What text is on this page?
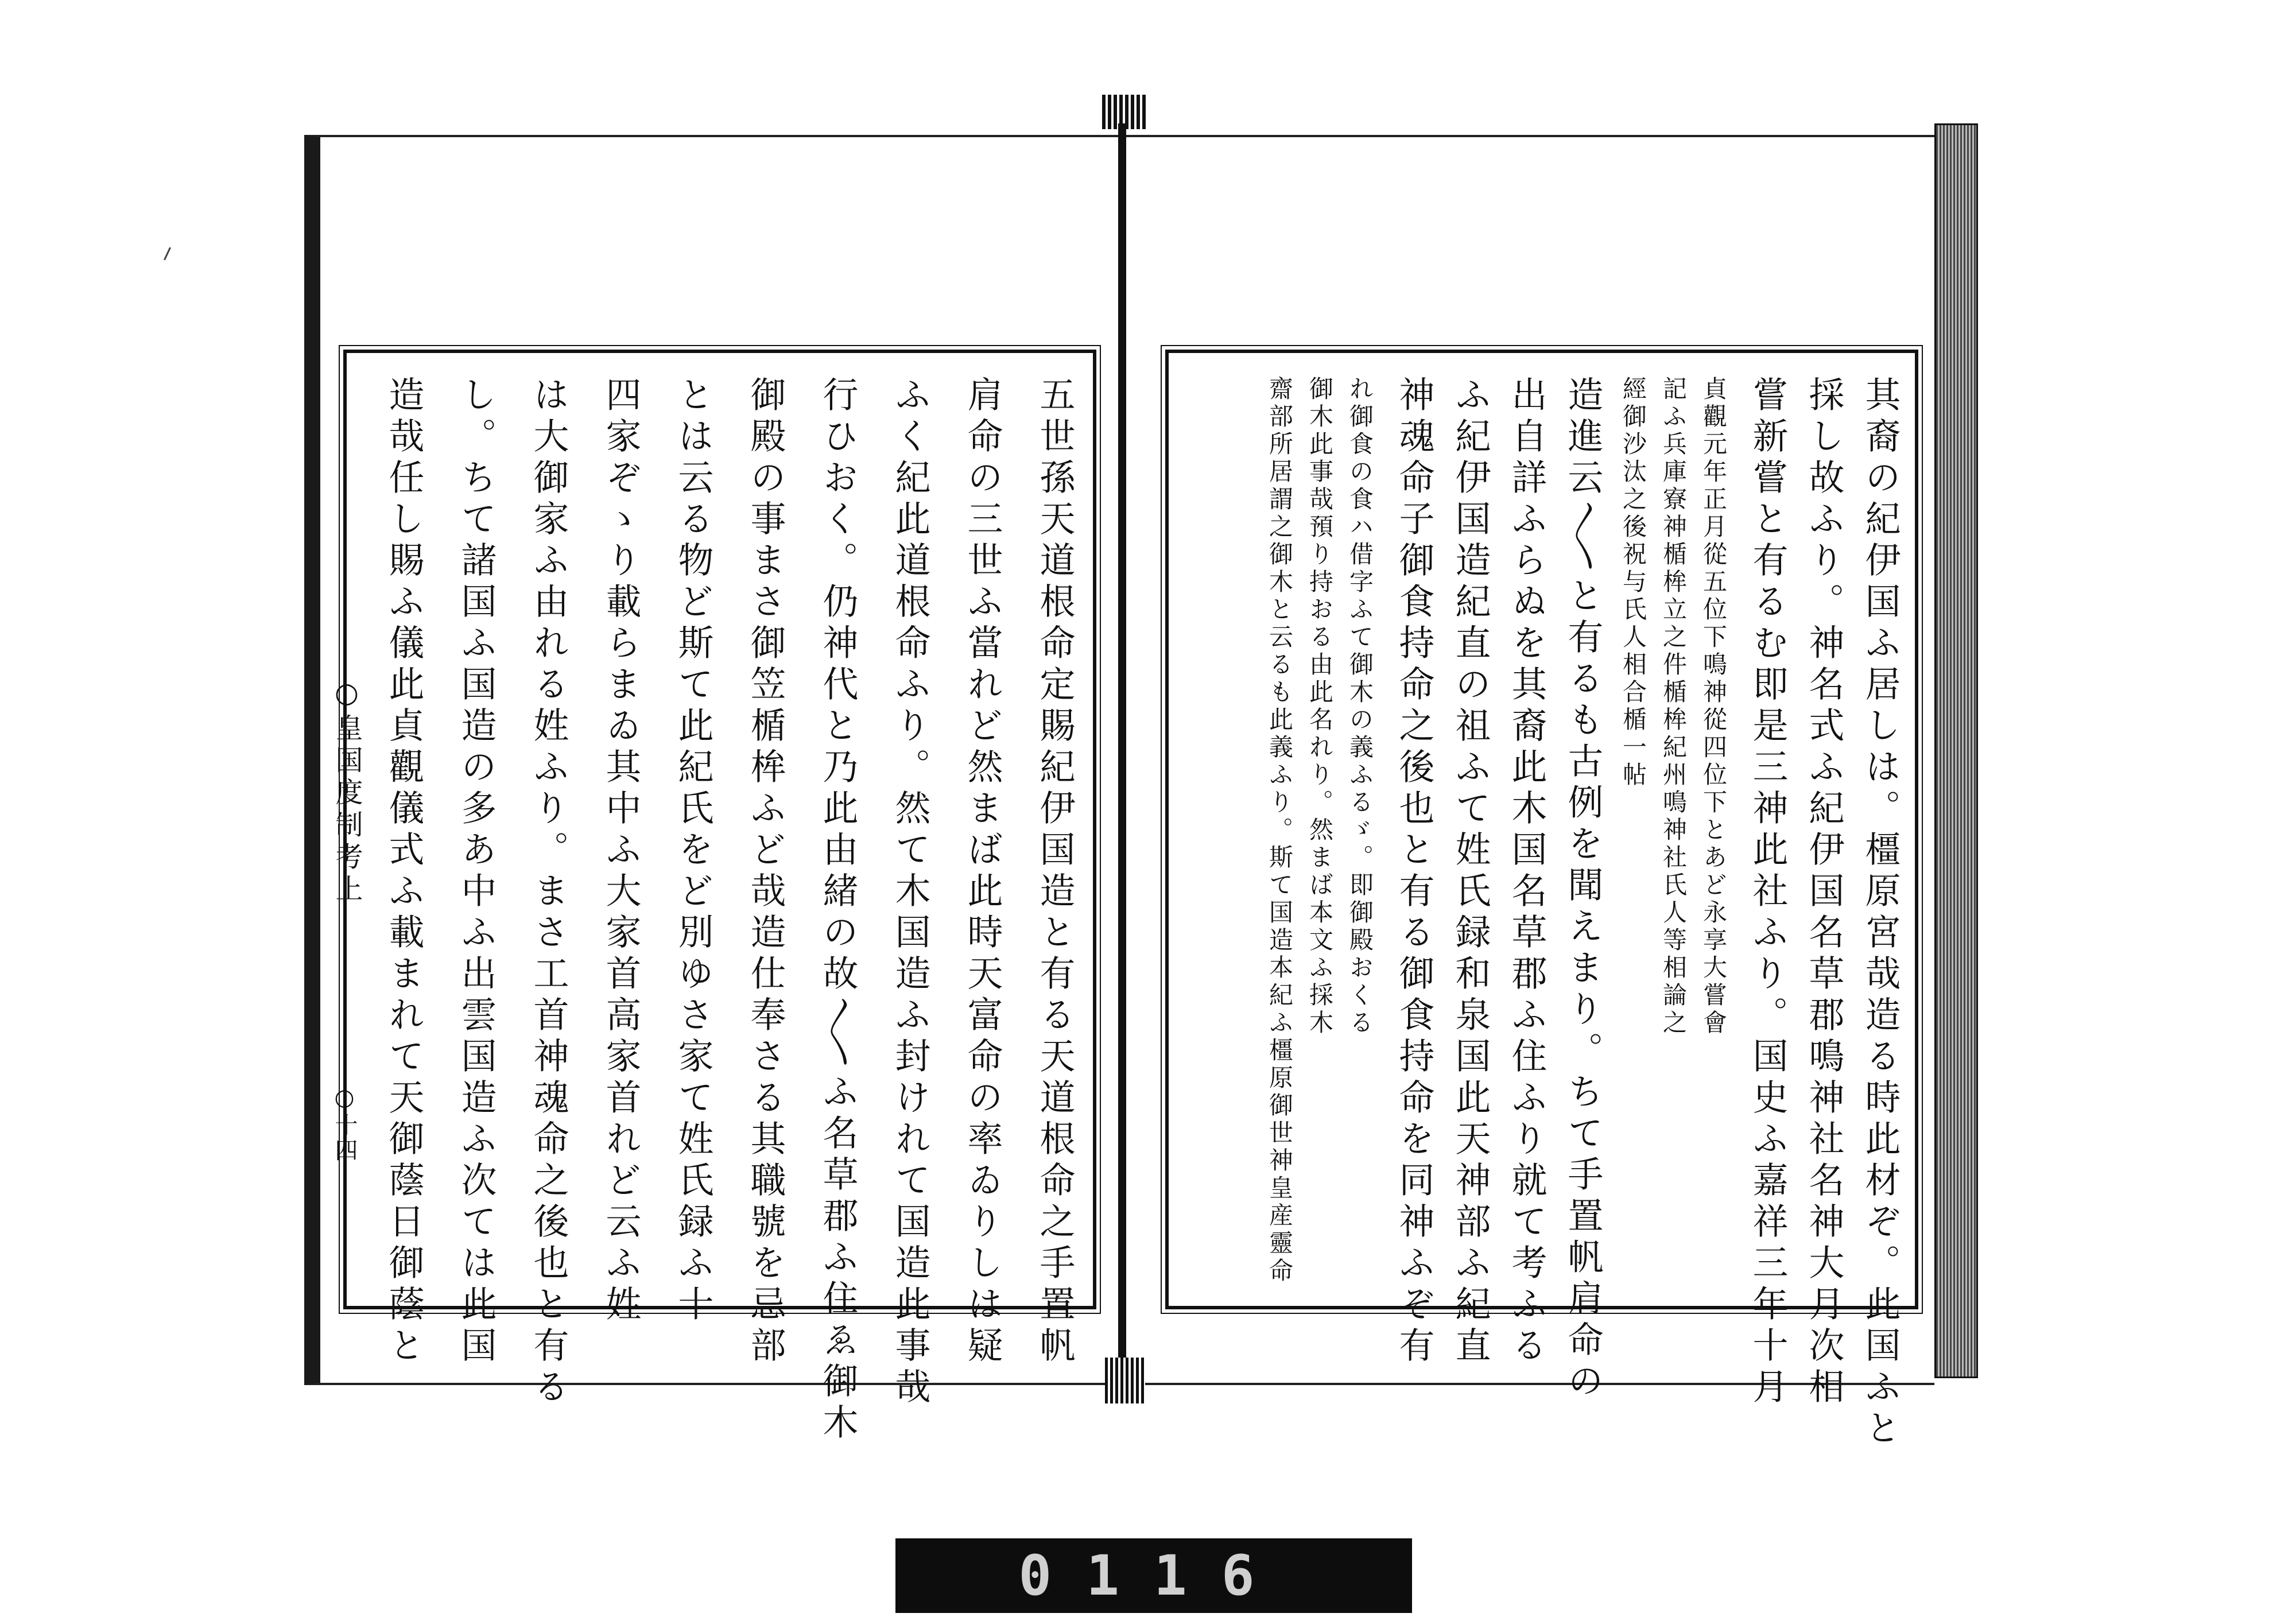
五世孫天道根命定賜紀伊国造と有る天道根命之手置帆
肩命の三世ふ當れど然まば此時天富命の率ゐりしは疑
ふく紀此道根命ふり。然て木国造ふ封けれて国造此事哉
行ひおく。仍神代と乃此由緒の故〳〵ふ名草郡ふ住ゑ御木
御殿の事まさ御笠楯桙ふど哉造仕奉さる其職號を忌部
とは云る物ど斯て此紀氏をど別ゆさ家て姓氏録ふ十
四家ぞゝり載らまゐ其中ふ大家首高家首れど云ふ姓
は大御家ふ由れる姓ふり。まさ工首神魂命之後也と有る
し。ちて諸国ふ国造の多あ中ふ出雲国造ふ次ては此国
造哉任し賜ふ儀此貞觀儀式ふ載まれて天御蔭日御蔭と
○皇国度制考上
○十四	其裔の紀伊国ふ居しは。橿原宮哉造る時此材ぞ。此国ふと
採し故ふり。神名式ふ紀伊国名草郡鳴神社名神大月次相
嘗新嘗と有るむ即是三神此社ふり。国史ふ嘉祥三年十月
貞觀元年正月從五位下鳴神從四位下とあど永享大嘗會
記ふ兵庫寮神楯桙立之件楯桙紀州鳴神社氏人等相論之
經御沙汰之後祝与氏人相合楯一帖
造進云〳〵と有るも古例を聞えまり。ちて手置帆肩命の
出自詳ふらぬを其裔此木国名草郡ふ住ふり就て考ふる
ふ紀伊国造紀直の祖ふて姓氏録和泉国此天神部ふ紀直
神魂命子御食持命之後也と有る御食持命を同神ふぞ有
れ御食の食ハ借字ふて御木の義ふるゞ。即御殿おくる
御木此事哉預り持おる由此名れり。然まば本文ふ採木
齋部所居謂之御木と云るも此義ふり。斯て国造本紀ふ橿原御世神皇産靈命
0116
